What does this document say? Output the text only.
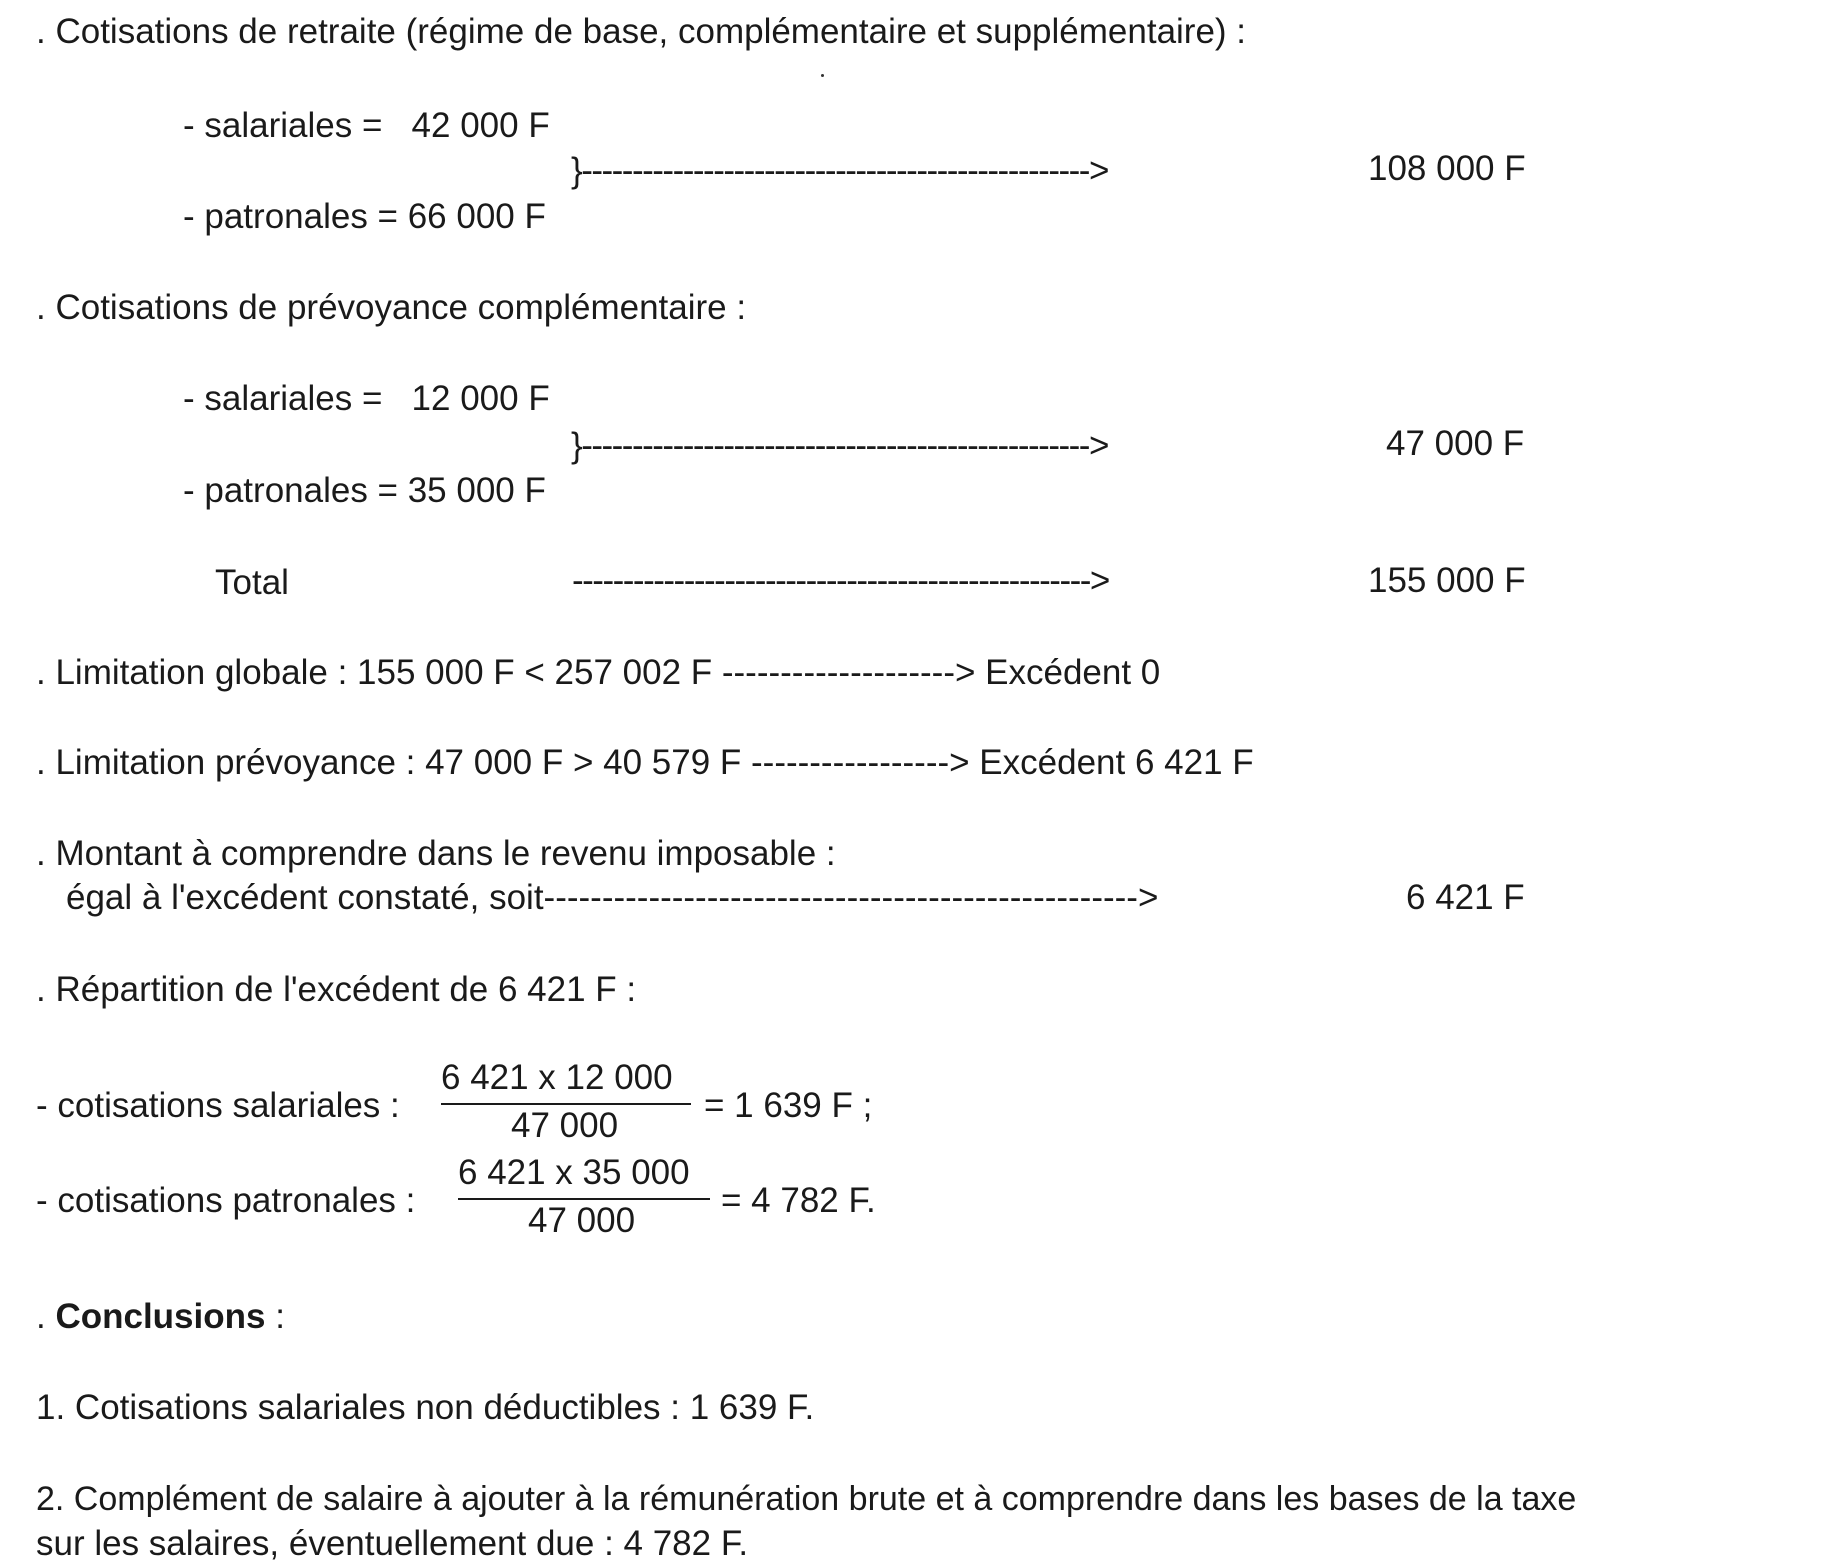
. Cotisations de retraite (régime de base, complémentaire et supplémentaire) :
- salariales =   42 000 F
}-------------------------------------------------->	108 000 F
- patronales = 66 000 F
. Cotisations de prévoyance complémentaire :
- salariales =   12 000 F
}-------------------------------------------------->	47 000 F
- patronales = 35 000 F
Total	--------------------------------------------------->	155 000 F
. Limitation globale : 155 000 F < 257 002 F --------------------> Excédent 0
. Limitation prévoyance : 47 000 F > 40 579 F -----------------> Excédent 6 421 F
. Montant à comprendre dans le revenu imposable :
égal à l'excédent constaté, soit--------------------------------------------------->	6 421 F
. Répartition de l'excédent de 6 421 F :
- cotisations salariales :
6 421 x 12 000
47 000
= 1 639 F ;
- cotisations patronales :
6 421 x 35 000
47 000
= 4 782 F.
. Conclusions :
1. Cotisations salariales non déductibles : 1 639 F.
2. Complément de salaire à ajouter à la rémunération brute et à comprendre dans les bases de la taxe
sur les salaires, éventuellement due : 4 782 F.
